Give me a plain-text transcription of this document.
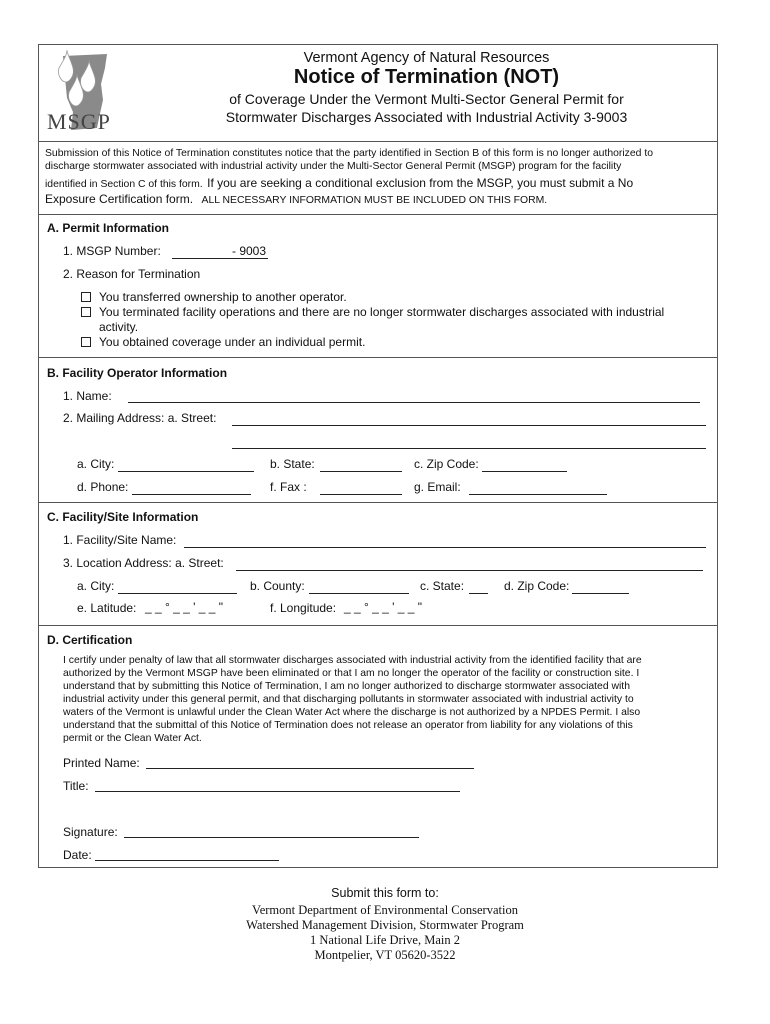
MSGP
Vermont Agency of Natural Resources
Notice of Termination (NOT)
of Coverage Under the Vermont Multi-Sector General Permit for
Stormwater Discharges Associated with Industrial Activity 3-9003
Submission of this Notice of Termination constitutes notice that the party identified in Section B of this form is no longer authorized to
discharge stormwater associated with industrial activity under the Multi-Sector General Permit (MSGP) program for the facility
identified in Section C of this form. If you are seeking a conditional exclusion from the MSGP, you must submit a No
Exposure Certification form. ALL NECESSARY INFORMATION MUST BE INCLUDED ON THIS FORM.
A. Permit Information
1. MSGP Number:	- 9003
2. Reason for Termination
You transferred ownership to another operator.
You terminated facility operations and there are no longer stormwater discharges associated with industrial
activity.
You obtained coverage under an individual permit.
B. Facility Operator Information
1. Name:
2. Mailing Address: a. Street:
a. City:	b. State:	c. Zip Code:
d. Phone:	f. Fax :	g. Email:
C. Facility/Site Information
1. Facility/Site Name:
3. Location Address: a. Street:
a. City:	b. County:	c. State:	d. Zip Code:
e. Latitude: _ _ ° _ _ ' _ _ "	f. Longitude: _ _ ° _ _ ' _ _ "
D. Certification
I certify under penalty of law that all stormwater discharges associated with industrial activity from the identified facility that are
authorized by the Vermont MSGP have been eliminated or that I am no longer the operator of the facility or construction site. I
understand that by submitting this Notice of Termination, I am no longer authorized to discharge stormwater associated with
industrial activity under this general permit, and that discharging pollutants in stormwater associated with industrial activity to
waters of the Vermont is unlawful under the Clean Water Act where the discharge is not authorized by a NPDES Permit. I also
understand that the submittal of this Notice of Termination does not release an operator from liability for any violations of this
permit or the Clean Water Act.
Printed Name:
Title:
Signature:
Date:
Submit this form to:
Vermont Department of Environmental Conservation
Watershed Management Division, Stormwater Program
1 National Life Drive, Main 2
Montpelier, VT 05620-3522
